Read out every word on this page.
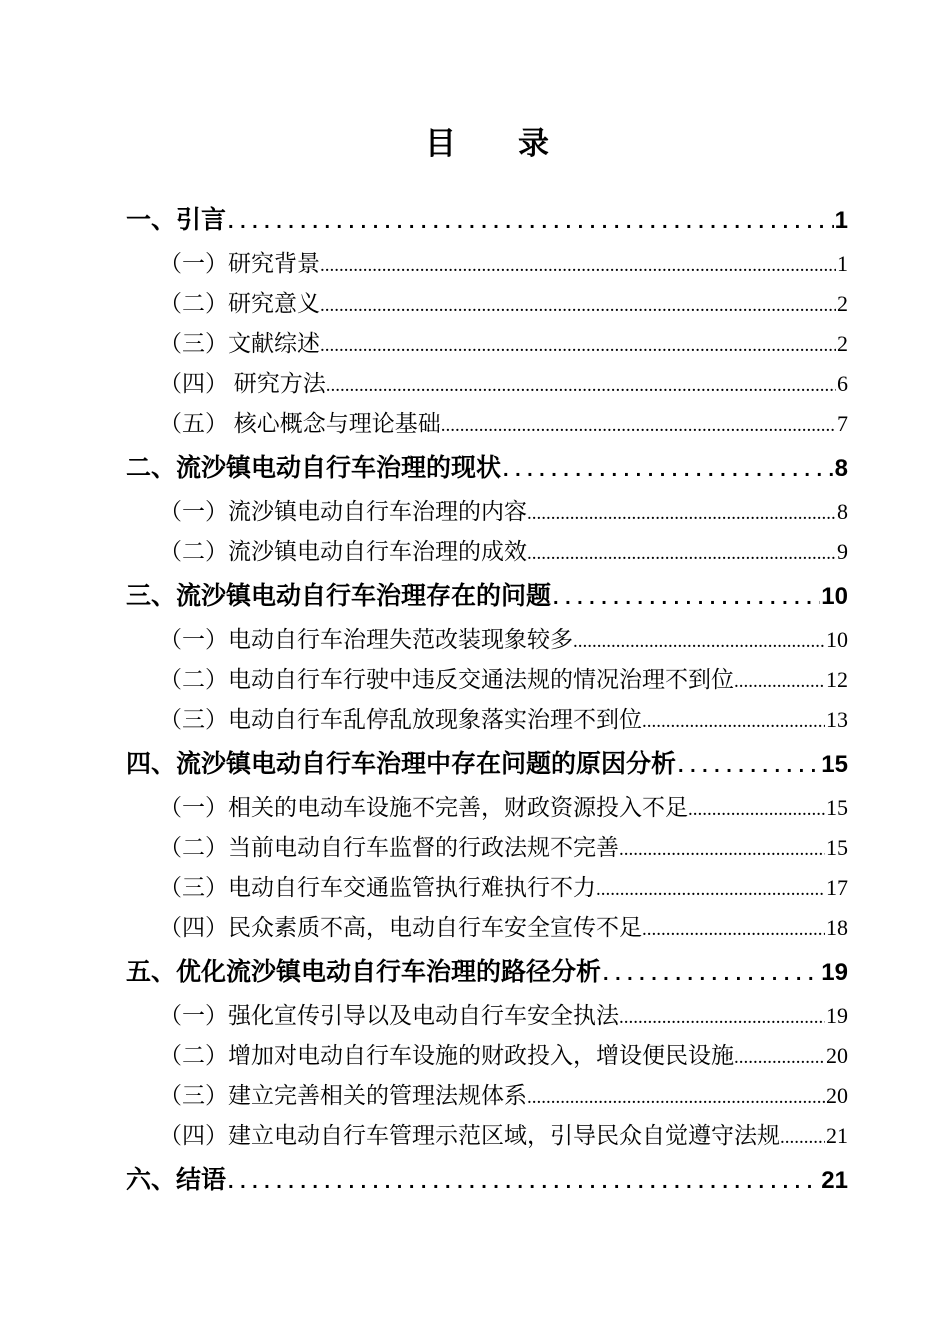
目　　录
一、引言 .....	1
（一）研究背景 .....	1
（二）研究意义 .....	2
（三）文献综述 .....	2
（四） 研究方法 .....	6
（五） 核心概念与理论基础 .....	7
二、流沙镇电动自行车治理的现状 .....	8
（一）流沙镇电动自行车治理的内容 .....	8
（二）流沙镇电动自行车治理的成效 .....	9
三、流沙镇电动自行车治理存在的问题 .....	10
（一）电动自行车治理失范改装现象较多 .....	10
（二）电动自行车行驶中违反交通法规的情况治理不到位 .....	12
（三）电动自行车乱停乱放现象落实治理不到位 .....	13
四、流沙镇电动自行车治理中存在问题的原因分析 .....	15
（一）相关的电动车设施不完善，财政资源投入不足 .....	15
（二）当前电动自行车监督的行政法规不完善 .....	15
（三）电动自行车交通监管执行难执行不力 .....	17
（四）民众素质不高，电动自行车安全宣传不足 .....	18
五、优化流沙镇电动自行车治理的路径分析 .....	19
（一）强化宣传引导以及电动自行车安全执法 .....	19
（二）增加对电动自行车设施的财政投入，增设便民设施 .....	20
（三）建立完善相关的管理法规体系 .....	20
（四）建立电动自行车管理示范区域，引导民众自觉遵守法规 ..... 21
六、结语 .....	21
